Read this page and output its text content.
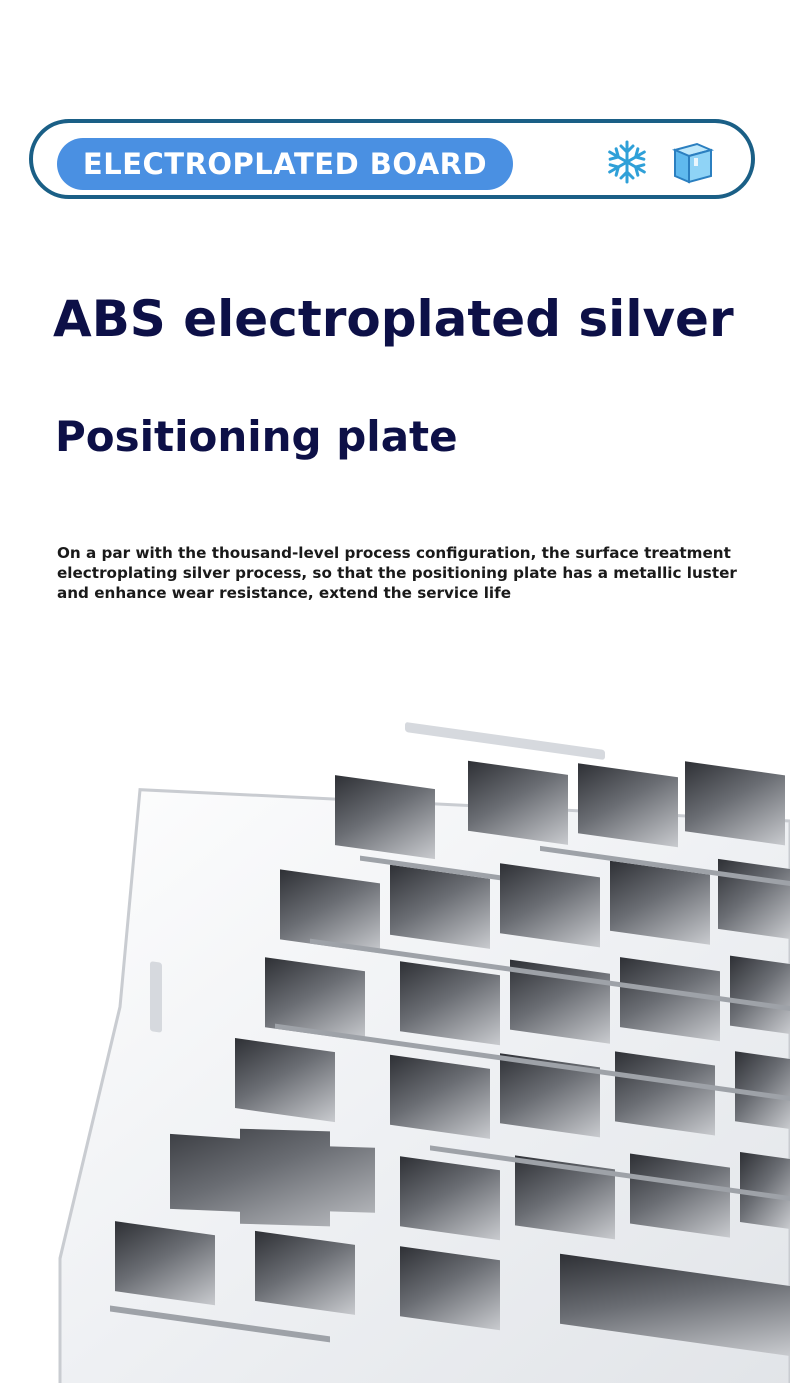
ELECTROPLATED BOARD
ABS electroplated silver
Positioning plate

On a par with the thousand-level process configuration, the surface treatment
electroplating silver process, so that the positioning plate has a metallic luster
and enhance wear resistance, extend the service life
